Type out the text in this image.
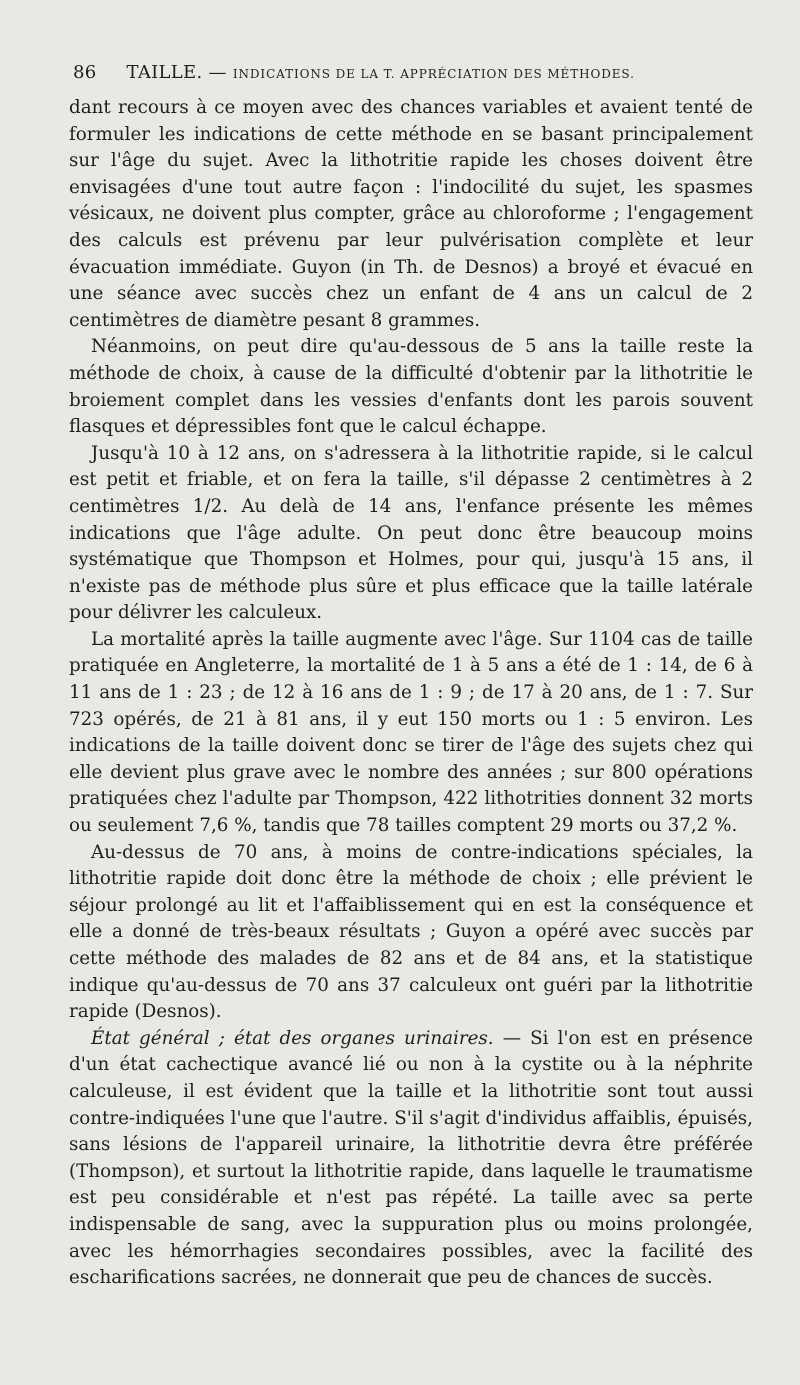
86 TAILLE. — INDICATIONS DE LA T. APPRÉCIATION DES MÉTHODES.

dant recours à ce moyen avec des chances variables et avaient tenté de formuler les indications de cette méthode en se basant principalement sur l'âge du sujet. Avec la lithotritie rapide les choses doivent être envisagées d'une tout autre façon : l'indocilité du sujet, les spasmes vésicaux, ne doivent plus compter, grâce au chloroforme ; l'engagement des calculs est prévenu par leur pulvérisation complète et leur évacuation immédiate. Guyon (in Th. de Desnos) a broyé et évacué en une séance avec succès chez un enfant de 4 ans un calcul de 2 centimètres de diamètre pesant 8 grammes.

Néanmoins, on peut dire qu'au-dessous de 5 ans la taille reste la méthode de choix, à cause de la difficulté d'obtenir par la lithotritie le broiement complet dans les vessies d'enfants dont les parois souvent flasques et dépressibles font que le calcul échappe.

Jusqu'à 10 à 12 ans, on s'adressera à la lithotritie rapide, si le calcul est petit et friable, et on fera la taille, s'il dépasse 2 centimètres à 2 centimètres 1/2. Au delà de 14 ans, l'enfance présente les mêmes indications que l'âge adulte. On peut donc être beaucoup moins systématique que Thompson et Holmes, pour qui, jusqu'à 15 ans, il n'existe pas de méthode plus sûre et plus efficace que la taille latérale pour délivrer les calculeux.

La mortalité après la taille augmente avec l'âge. Sur 1104 cas de taille pratiquée en Angleterre, la mortalité de 1 à 5 ans a été de 1 : 14, de 6 à 11 ans de 1 : 23 ; de 12 à 16 ans de 1 : 9 ; de 17 à 20 ans, de 1 : 7. Sur 723 opérés, de 21 à 81 ans, il y eut 150 morts ou 1 : 5 environ. Les indications de la taille doivent donc se tirer de l'âge des sujets chez qui elle devient plus grave avec le nombre des années ; sur 800 opérations pratiquées chez l'adulte par Thompson, 422 lithotrities donnent 32 morts ou seulement 7,6 %, tandis que 78 tailles comptent 29 morts ou 37,2 %.

Au-dessus de 70 ans, à moins de contre-indications spéciales, la lithotritie rapide doit donc être la méthode de choix ; elle prévient le séjour prolongé au lit et l'affaiblissement qui en est la conséquence et elle a donné de très-beaux résultats ; Guyon a opéré avec succès par cette méthode des malades de 82 ans et de 84 ans, et la statistique indique qu'au-dessus de 70 ans 37 calculeux ont guéri par la lithotritie rapide (Desnos).

État général ; état des organes urinaires. — Si l'on est en présence d'un état cachectique avancé lié ou non à la cystite ou à la néphrite calculeuse, il est évident que la taille et la lithotritie sont tout aussi contre-indiquées l'une que l'autre. S'il s'agit d'individus affaiblis, épuisés, sans lésions de l'appareil urinaire, la lithotritie devra être préférée (Thompson), et surtout la lithotritie rapide, dans laquelle le traumatisme est peu considérable et n'est pas répété. La taille avec sa perte indispensable de sang, avec la suppuration plus ou moins prolongée, avec les hémorrhagies secondaires possibles, avec la facilité des escharifications sacrées, ne donnerait que peu de chances de succès.
